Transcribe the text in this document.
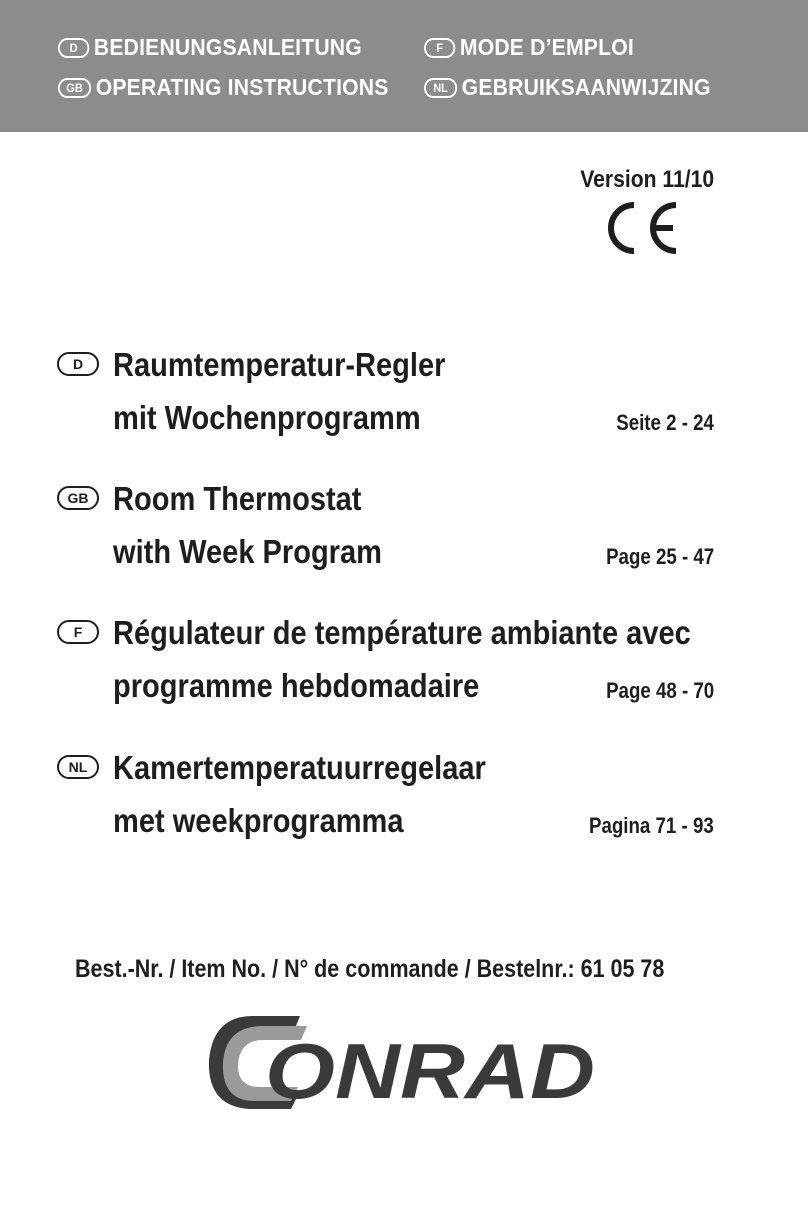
D BEDIENUNGSANLEITUNG	F MODE D’EMPLOI
GB OPERATING INSTRUCTIONS	NL GEBRUIKSAANWIJZING
Version 11/10
D Raumtemperatur-Regler
mit Wochenprogramm	Seite 2 - 24
GB Room Thermostat
with Week Program	Page 25 - 47
F Régulateur de température ambiante avec
programme hebdomadaire	Page 48 - 70
NL Kamertemperatuurregelaar
met weekprogramma	Pagina 71 - 93
Best.-Nr. / Item No. / N° de commande / Bestelnr.: 61 05 78
ONRAD
